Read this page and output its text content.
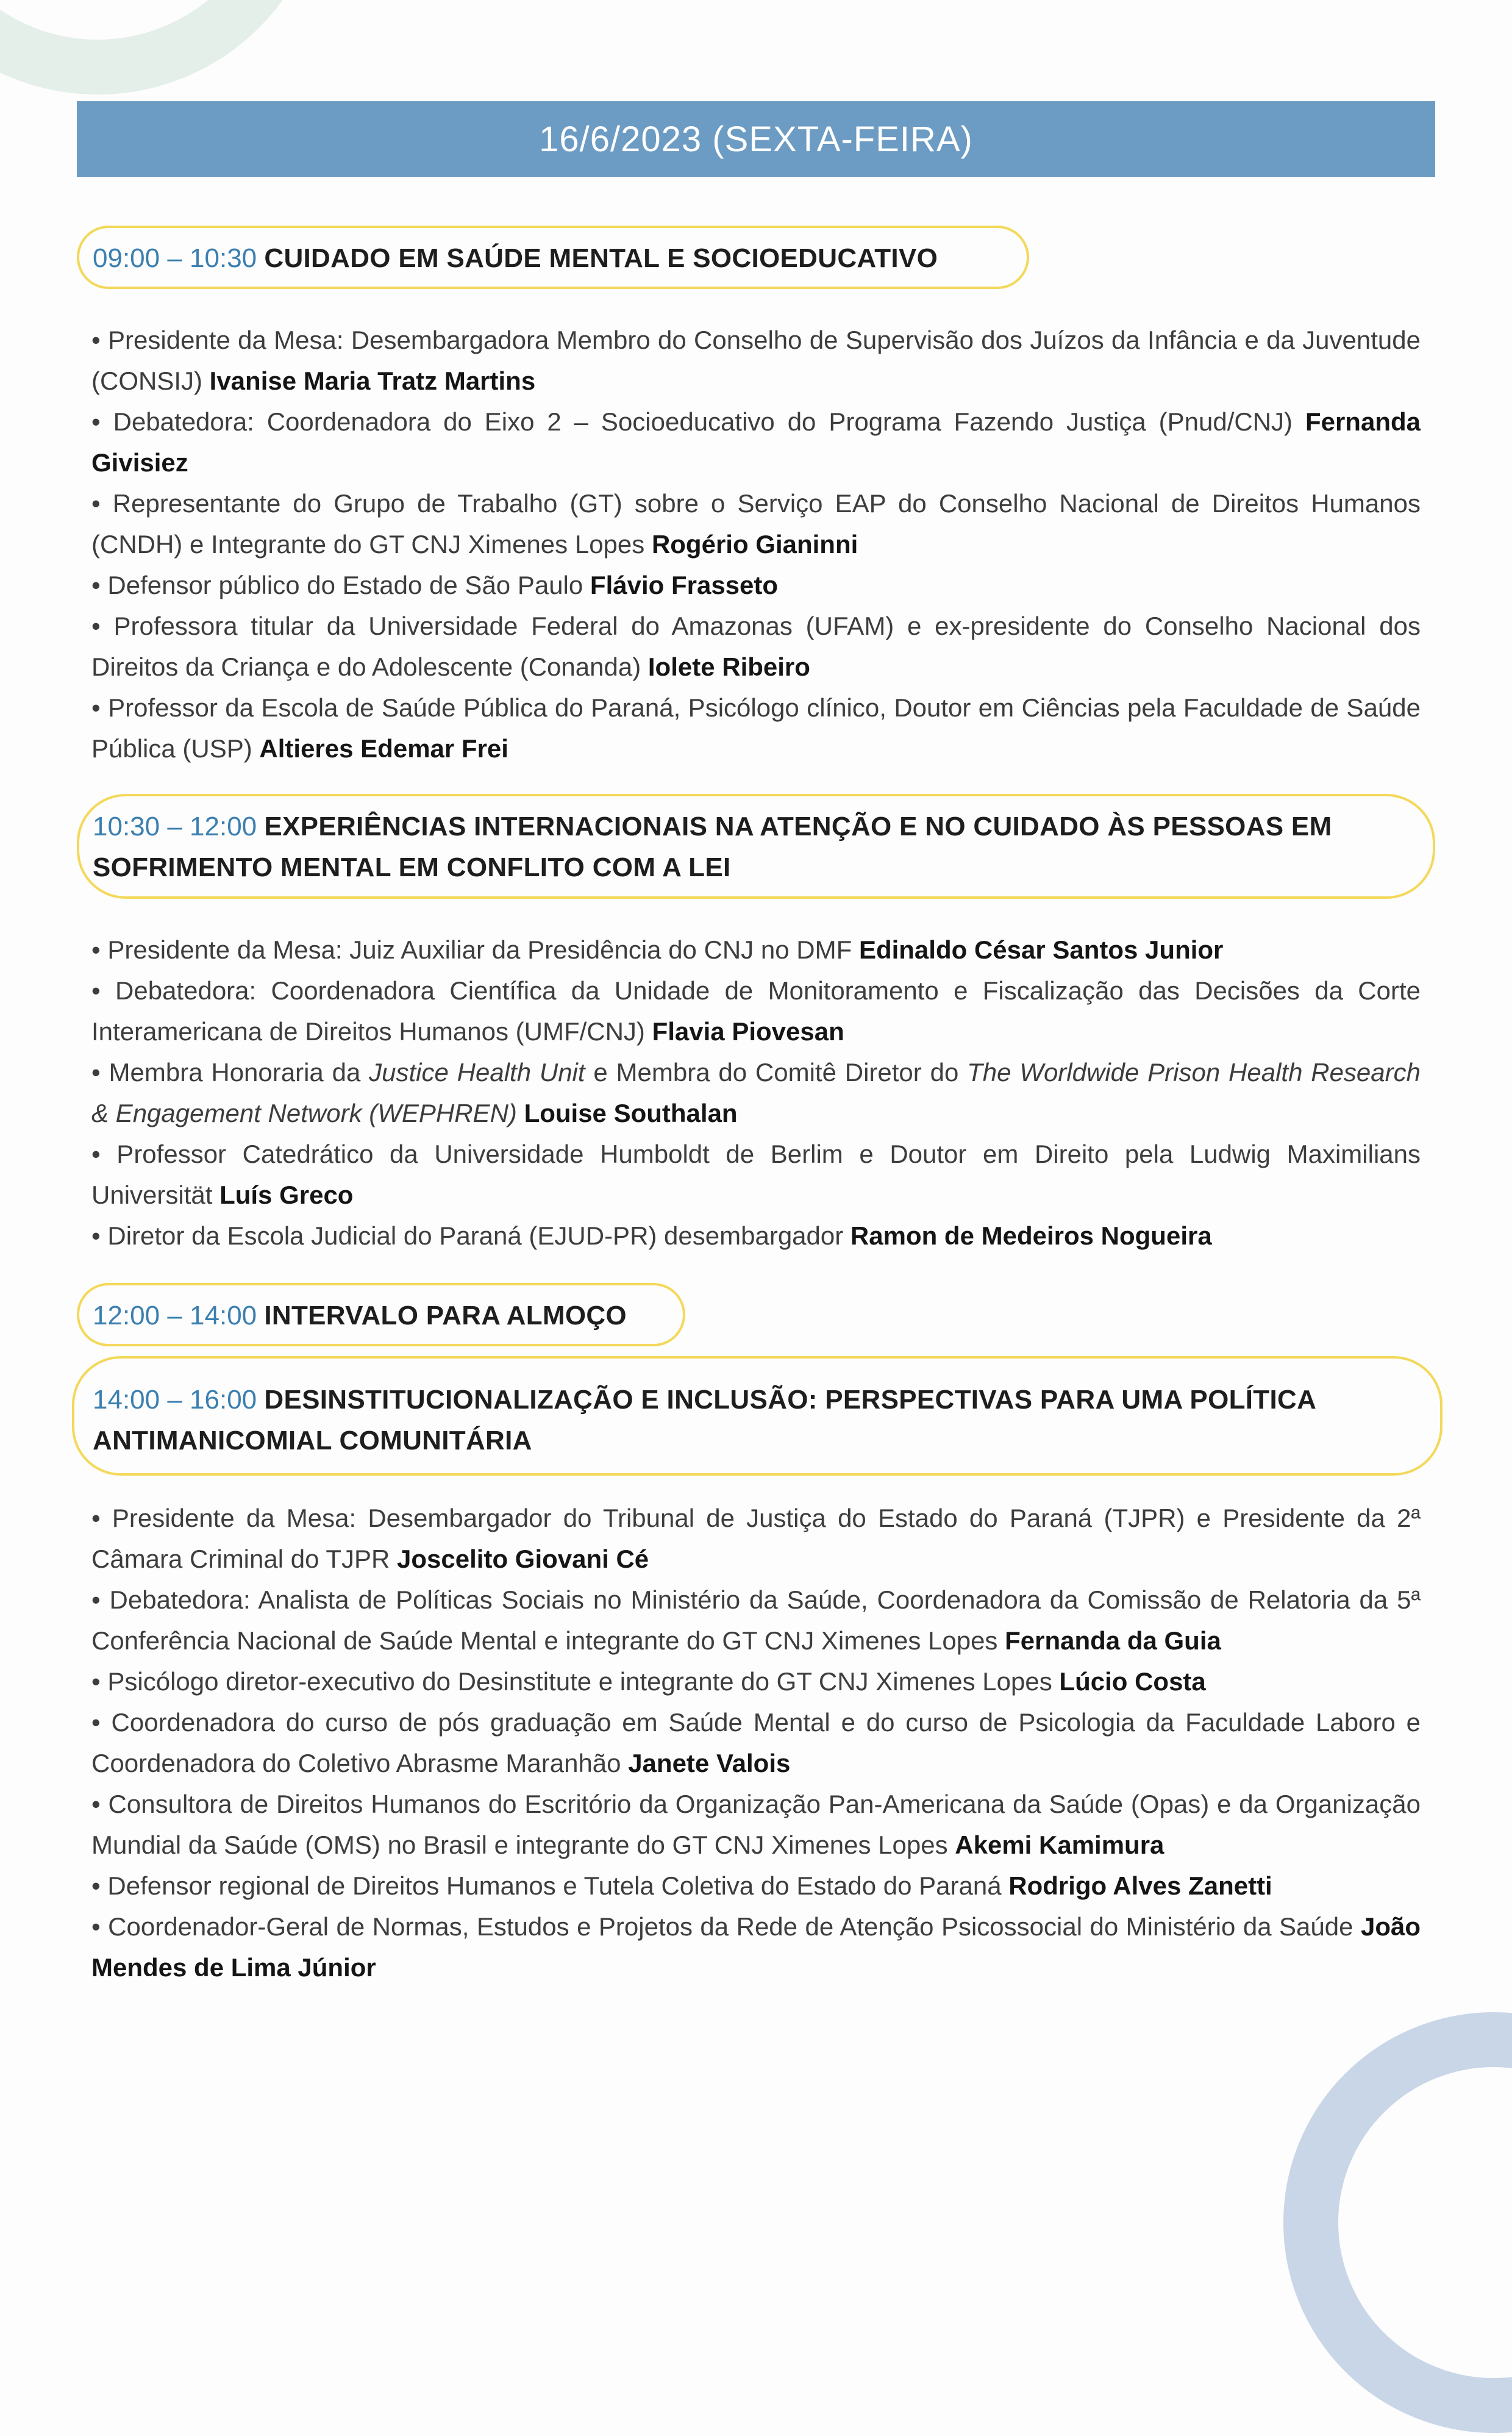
16/6/2023 (SEXTA-FEIRA)
09:00 – 10:30 CUIDADO EM SAÚDE MENTAL E SOCIOEDUCATIVO
• Presidente da Mesa: Desembargadora Membro do Conselho de Supervisão dos Juízos da Infância e da Juventude (CONSIJ) Ivanise Maria Tratz Martins
• Debatedora: Coordenadora do Eixo 2 – Socioeducativo do Programa Fazendo Justiça (Pnud/CNJ) Fernanda Givisiez
• Representante do Grupo de Trabalho (GT) sobre o Serviço EAP do Conselho Nacional de Direitos Humanos (CNDH) e Integrante do GT CNJ Ximenes Lopes Rogério Gianinni
• Defensor público do Estado de São Paulo Flávio Frasseto
• Professora titular da Universidade Federal do Amazonas (UFAM) e ex-presidente do Conselho Nacional dos Direitos da Criança e do Adolescente (Conanda) Iolete Ribeiro
• Professor da Escola de Saúde Pública do Paraná, Psicólogo clínico, Doutor em Ciências pela Faculdade de Saúde Pública (USP) Altieres Edemar Frei
10:30 – 12:00 EXPERIÊNCIAS INTERNACIONAIS NA ATENÇÃO E NO CUIDADO ÀS PESSOAS EM SOFRIMENTO MENTAL EM CONFLITO COM A LEI
• Presidente da Mesa: Juiz Auxiliar da Presidência do CNJ no DMF Edinaldo César Santos Junior
• Debatedora: Coordenadora Científica da Unidade de Monitoramento e Fiscalização das Decisões da Corte Interamericana de Direitos Humanos (UMF/CNJ) Flavia Piovesan
• Membra Honoraria da Justice Health Unit e Membra do Comitê Diretor do The Worldwide Prison Health Research & Engagement Network (WEPHREN) Louise Southalan
• Professor Catedrático da Universidade Humboldt de Berlim e Doutor em Direito pela Ludwig Maximilians Universität Luís Greco
• Diretor da Escola Judicial do Paraná (EJUD-PR) desembargador Ramon de Medeiros Nogueira
12:00 – 14:00 INTERVALO PARA ALMOÇO
14:00 – 16:00 DESINSTITUCIONALIZAÇÃO E INCLUSÃO: PERSPECTIVAS PARA UMA POLÍTICA ANTIMANICOMIAL COMUNITÁRIA
• Presidente da Mesa: Desembargador do Tribunal de Justiça do Estado do Paraná (TJPR) e Presidente da 2ª Câmara Criminal do TJPR Joscelito Giovani Cé
• Debatedora: Analista de Políticas Sociais no Ministério da Saúde, Coordenadora da Comissão de Relatoria da 5ª Conferência Nacional de Saúde Mental e integrante do GT CNJ Ximenes Lopes Fernanda da Guia
• Psicólogo diretor-executivo do Desinstitute e integrante do GT CNJ Ximenes Lopes Lúcio Costa
• Coordenadora do curso de pós graduação em Saúde Mental e do curso de Psicologia da Faculdade Laboro e Coordenadora do Coletivo Abrasme Maranhão Janete Valois
• Consultora de Direitos Humanos do Escritório da Organização Pan-Americana da Saúde (Opas) e da Organização Mundial da Saúde (OMS) no Brasil e integrante do GT CNJ Ximenes Lopes Akemi Kamimura
• Defensor regional de Direitos Humanos e Tutela Coletiva do Estado do Paraná Rodrigo Alves Zanetti
• Coordenador-Geral de Normas, Estudos e Projetos da Rede de Atenção Psicossocial do Ministério da Saúde João Mendes de Lima Júnior
